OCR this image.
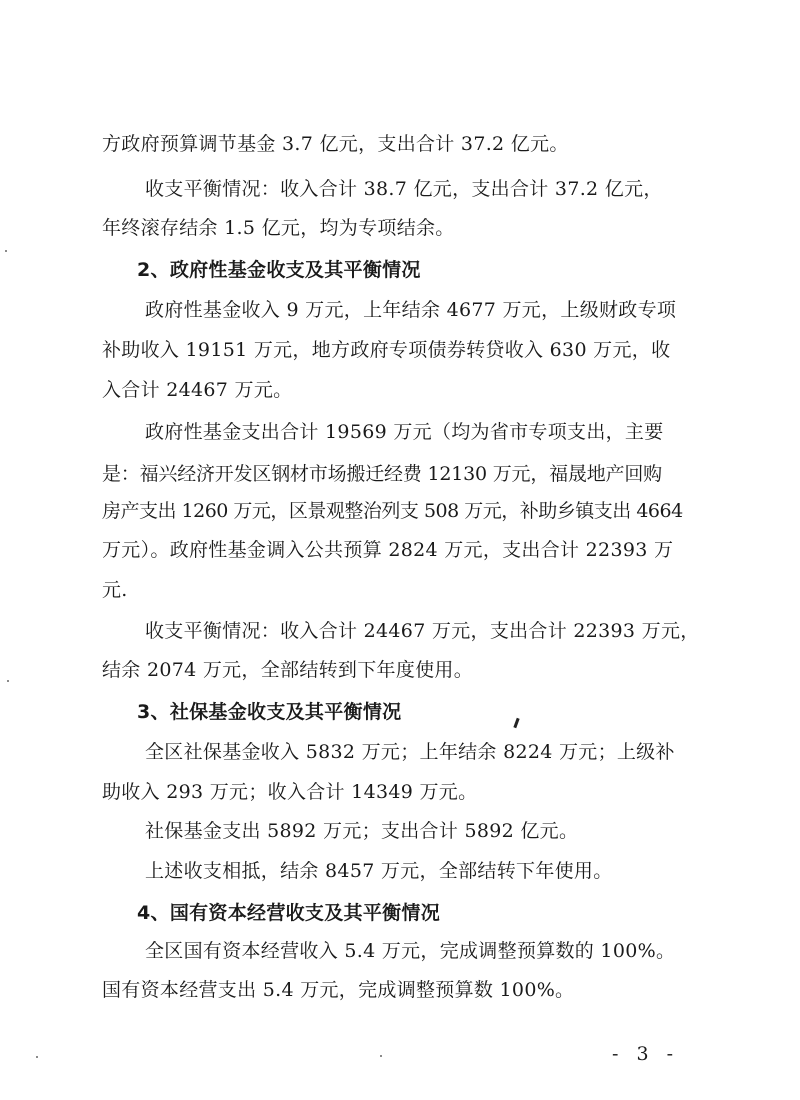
方政府预算调节基金 3.7 亿元，支出合计 37.2 亿元。
收支平衡情况：收入合计 38.7 亿元，支出合计 37.2 亿元，
年终滚存结余 1.5 亿元，均为专项结余。
2、政府性基金收支及其平衡情况
政府性基金收入 9 万元，上年结余 4677 万元，上级财政专项
补助收入 19151 万元，地方政府专项债券转贷收入 630 万元，收
入合计 24467 万元。
政府性基金支出合计 19569 万元（均为省市专项支出，主要
是：福兴经济开发区钢材市场搬迁经费 12130 万元，福晟地产回购
房产支出 1260 万元，区景观整治列支 508 万元，补助乡镇支出 4664
万元）。政府性基金调入公共预算 2824 万元，支出合计 22393 万
元.
收支平衡情况：收入合计 24467 万元，支出合计 22393 万元，
结余 2074 万元，全部结转到下年度使用。
3、社保基金收支及其平衡情况
全区社保基金收入 5832 万元；上年结余 8224 万元；上级补
助收入 293 万元；收入合计 14349 万元。
社保基金支出 5892 万元；支出合计 5892 亿元。
上述收支相抵，结余 8457 万元，全部结转下年使用。
4、国有资本经营收支及其平衡情况
全区国有资本经营收入 5.4 万元，完成调整预算数的 100%。
国有资本经营支出 5.4 万元，完成调整预算数 100%。
- 3 -
